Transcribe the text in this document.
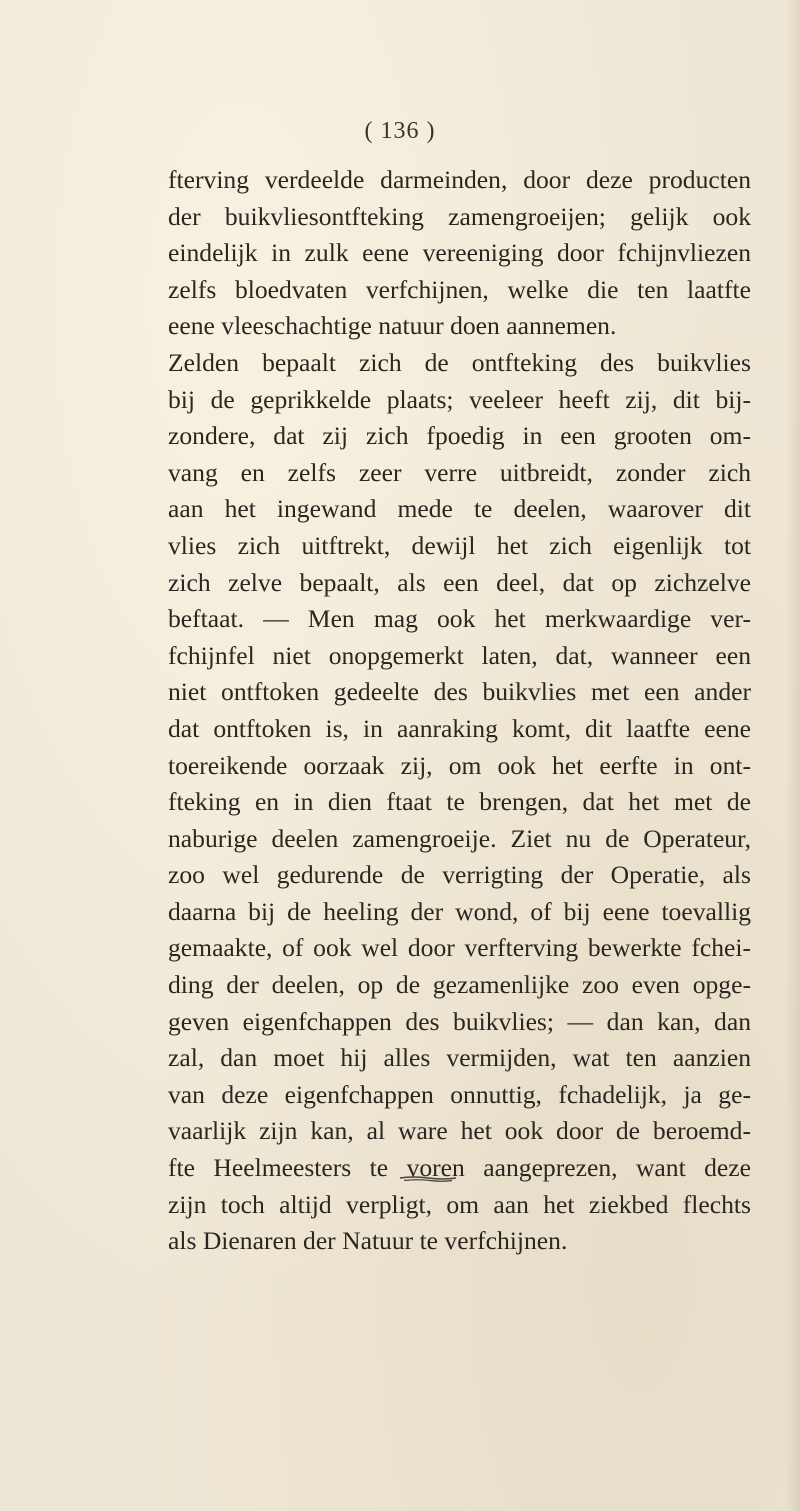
( 136 )
fterving verdeelde darmeinden, door deze producten
der buikvliesontfteking zamengroeijen; gelijk ook
eindelijk in zulk eene vereeniging door fchijnvliezen
zelfs bloedvaten verfchijnen, welke die ten laatfte
eene vleeschachtige natuur doen aannemen.
Zelden bepaalt zich de ontfteking des buikvlies
bij de geprikkelde plaats; veeleer heeft zij, dit bij-
zondere, dat zij zich fpoedig in een grooten om-
vang en zelfs zeer verre uitbreidt, zonder zich
aan het ingewand mede te deelen, waarover dit
vlies zich uitftrekt, dewijl het zich eigenlijk tot
zich zelve bepaalt, als een deel, dat op zichzelve
beftaat. — Men mag ook het merkwaardige ver-
fchijnfel niet onopgemerkt laten, dat, wanneer een
niet ontftoken gedeelte des buikvlies met een ander
dat ontftoken is, in aanraking komt, dit laatfte eene
toereikende oorzaak zij, om ook het eerfte in ont-
fteking en in dien ftaat te brengen, dat het met de
naburige deelen zamengroeije. Ziet nu de Operateur,
zoo wel gedurende de verrigting der Operatie, als
daarna bij de heeling der wond, of bij eene toevallig
gemaakte, of ook wel door verfterving bewerkte fchei-
ding der deelen, op de gezamenlijke zoo even opge-
geven eigenfchappen des buikvlies; — dan kan, dan
zal, dan moet hij alles vermijden, wat ten aanzien
van deze eigenfchappen onnuttig, fchadelijk, ja ge-
vaarlijk zijn kan, al ware het ook door de beroemd-
fte Heelmeesters te voren aangeprezen, want deze
zijn toch altijd verpligt, om aan het ziekbed flechts
als Dienaren der Natuur te verfchijnen.
